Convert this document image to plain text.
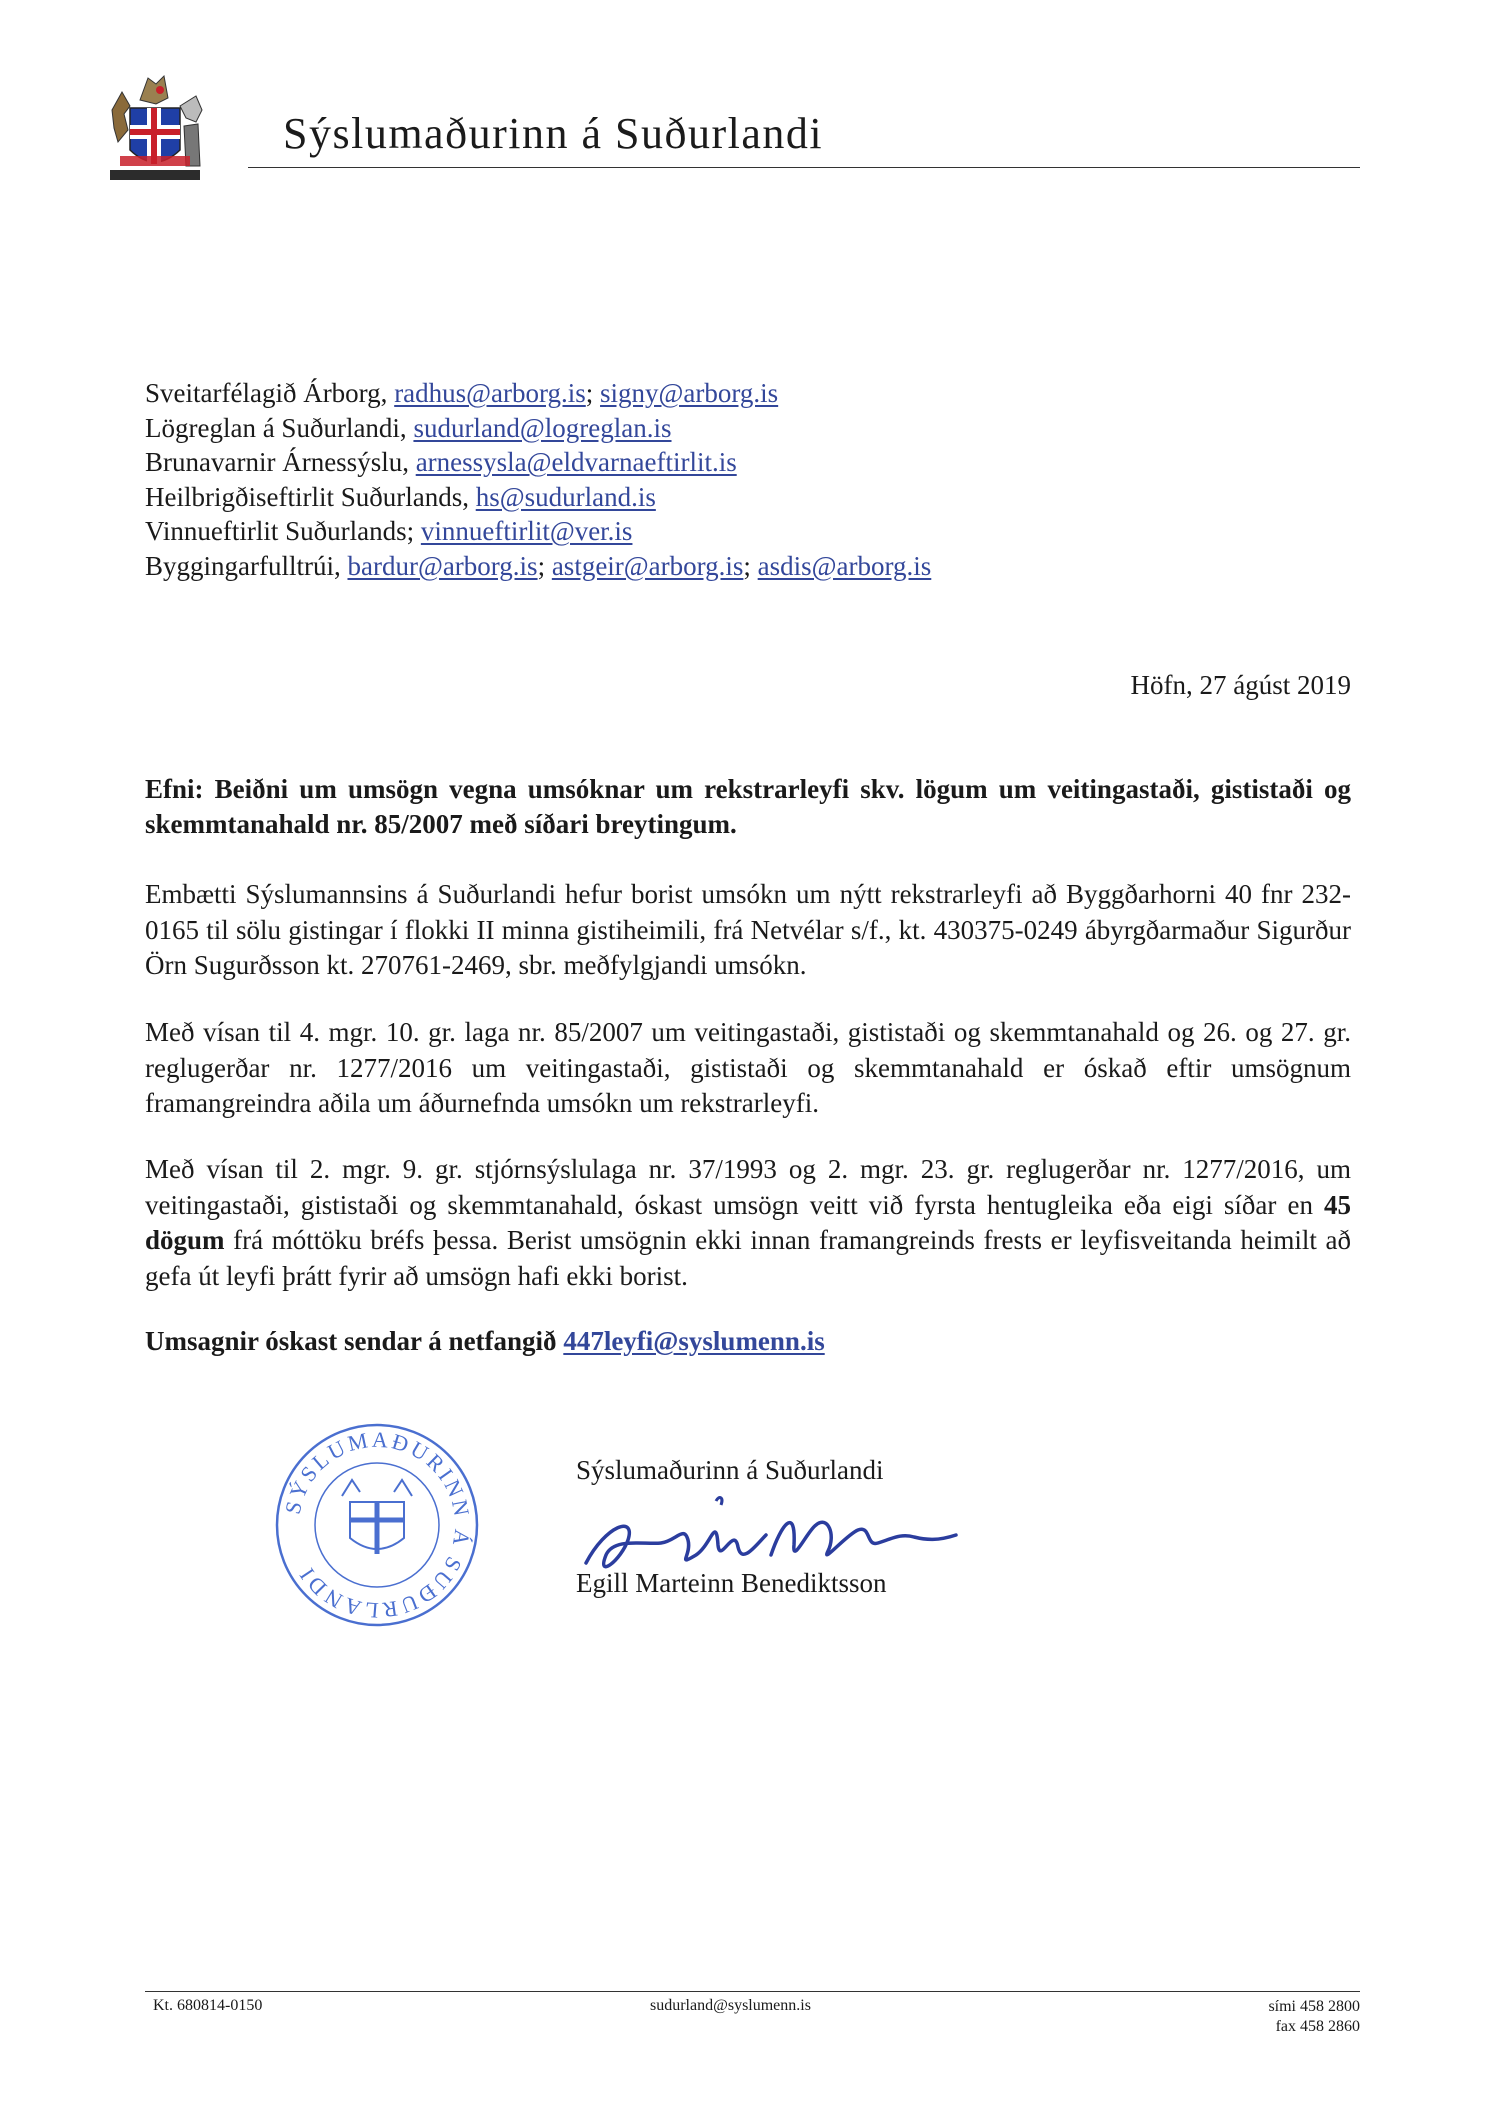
Sýslumaðurinn á Suðurlandi
Sveitarfélagið Árborg, radhus@arborg.is; signy@arborg.is
Lögreglan á Suðurlandi, sudurland@logreglan.is
Brunavarnir Árnessýslu, arnessysla@eldvarnaeftirlit.is
Heilbrigðiseftirlit Suðurlands, hs@sudurland.is
Vinnueftirlit Suðurlands; vinnueftirlit@ver.is
Byggingarfulltrúi, bardur@arborg.is; astgeir@arborg.is; asdis@arborg.is
Höfn, 27 ágúst 2019
Efni: Beiðni um umsögn vegna umsóknar um rekstrarleyfi skv. lögum um veitingastaði, gististaði og skemmtanahald nr. 85/2007 með síðari breytingum.

Embætti Sýslumannsins á Suðurlandi hefur borist umsókn um nýtt rekstrarleyfi að Byggðarhorni 40 fnr 232-0165 til sölu gistingar í flokki II minna gistiheimili, frá Netvélar s/f., kt. 430375-0249 ábyrgðarmaður Sigurður Örn Sugurðsson kt. 270761-2469, sbr. meðfylgjandi umsókn.

Með vísan til 4. mgr. 10. gr. laga nr. 85/2007 um veitingastaði, gististaði og skemmtanahald og 26. og 27. gr. reglugerðar nr. 1277/2016 um veitingastaði, gististaði og skemmtanahald er óskað eftir umsögnum framangreindra aðila um áðurnefnda umsókn um rekstrarleyfi.

Með vísan til 2. mgr. 9. gr. stjórnsýslulaga nr. 37/1993 og 2. mgr. 23. gr. reglugerðar nr. 1277/2016, um veitingastaði, gististaði og skemmtanahald, óskast umsögn veitt við fyrsta hentugleika eða eigi síðar en 45 dögum frá móttöku bréfs þessa. Berist umsögnin ekki innan framangreinds frests er leyfisveitanda heimilt að gefa út leyfi þrátt fyrir að umsögn hafi ekki borist.

Umsagnir óskast sendar á netfangið 447leyfi@syslumenn.is
SÝSLUMAÐURINN Á SUÐURLANDI
Sýslumaðurinn á Suðurlandi
Egill Marteinn Benediktsson
Kt. 680814-0150	sudurland@syslumenn.is	sími 458 2800
fax 458 2860
